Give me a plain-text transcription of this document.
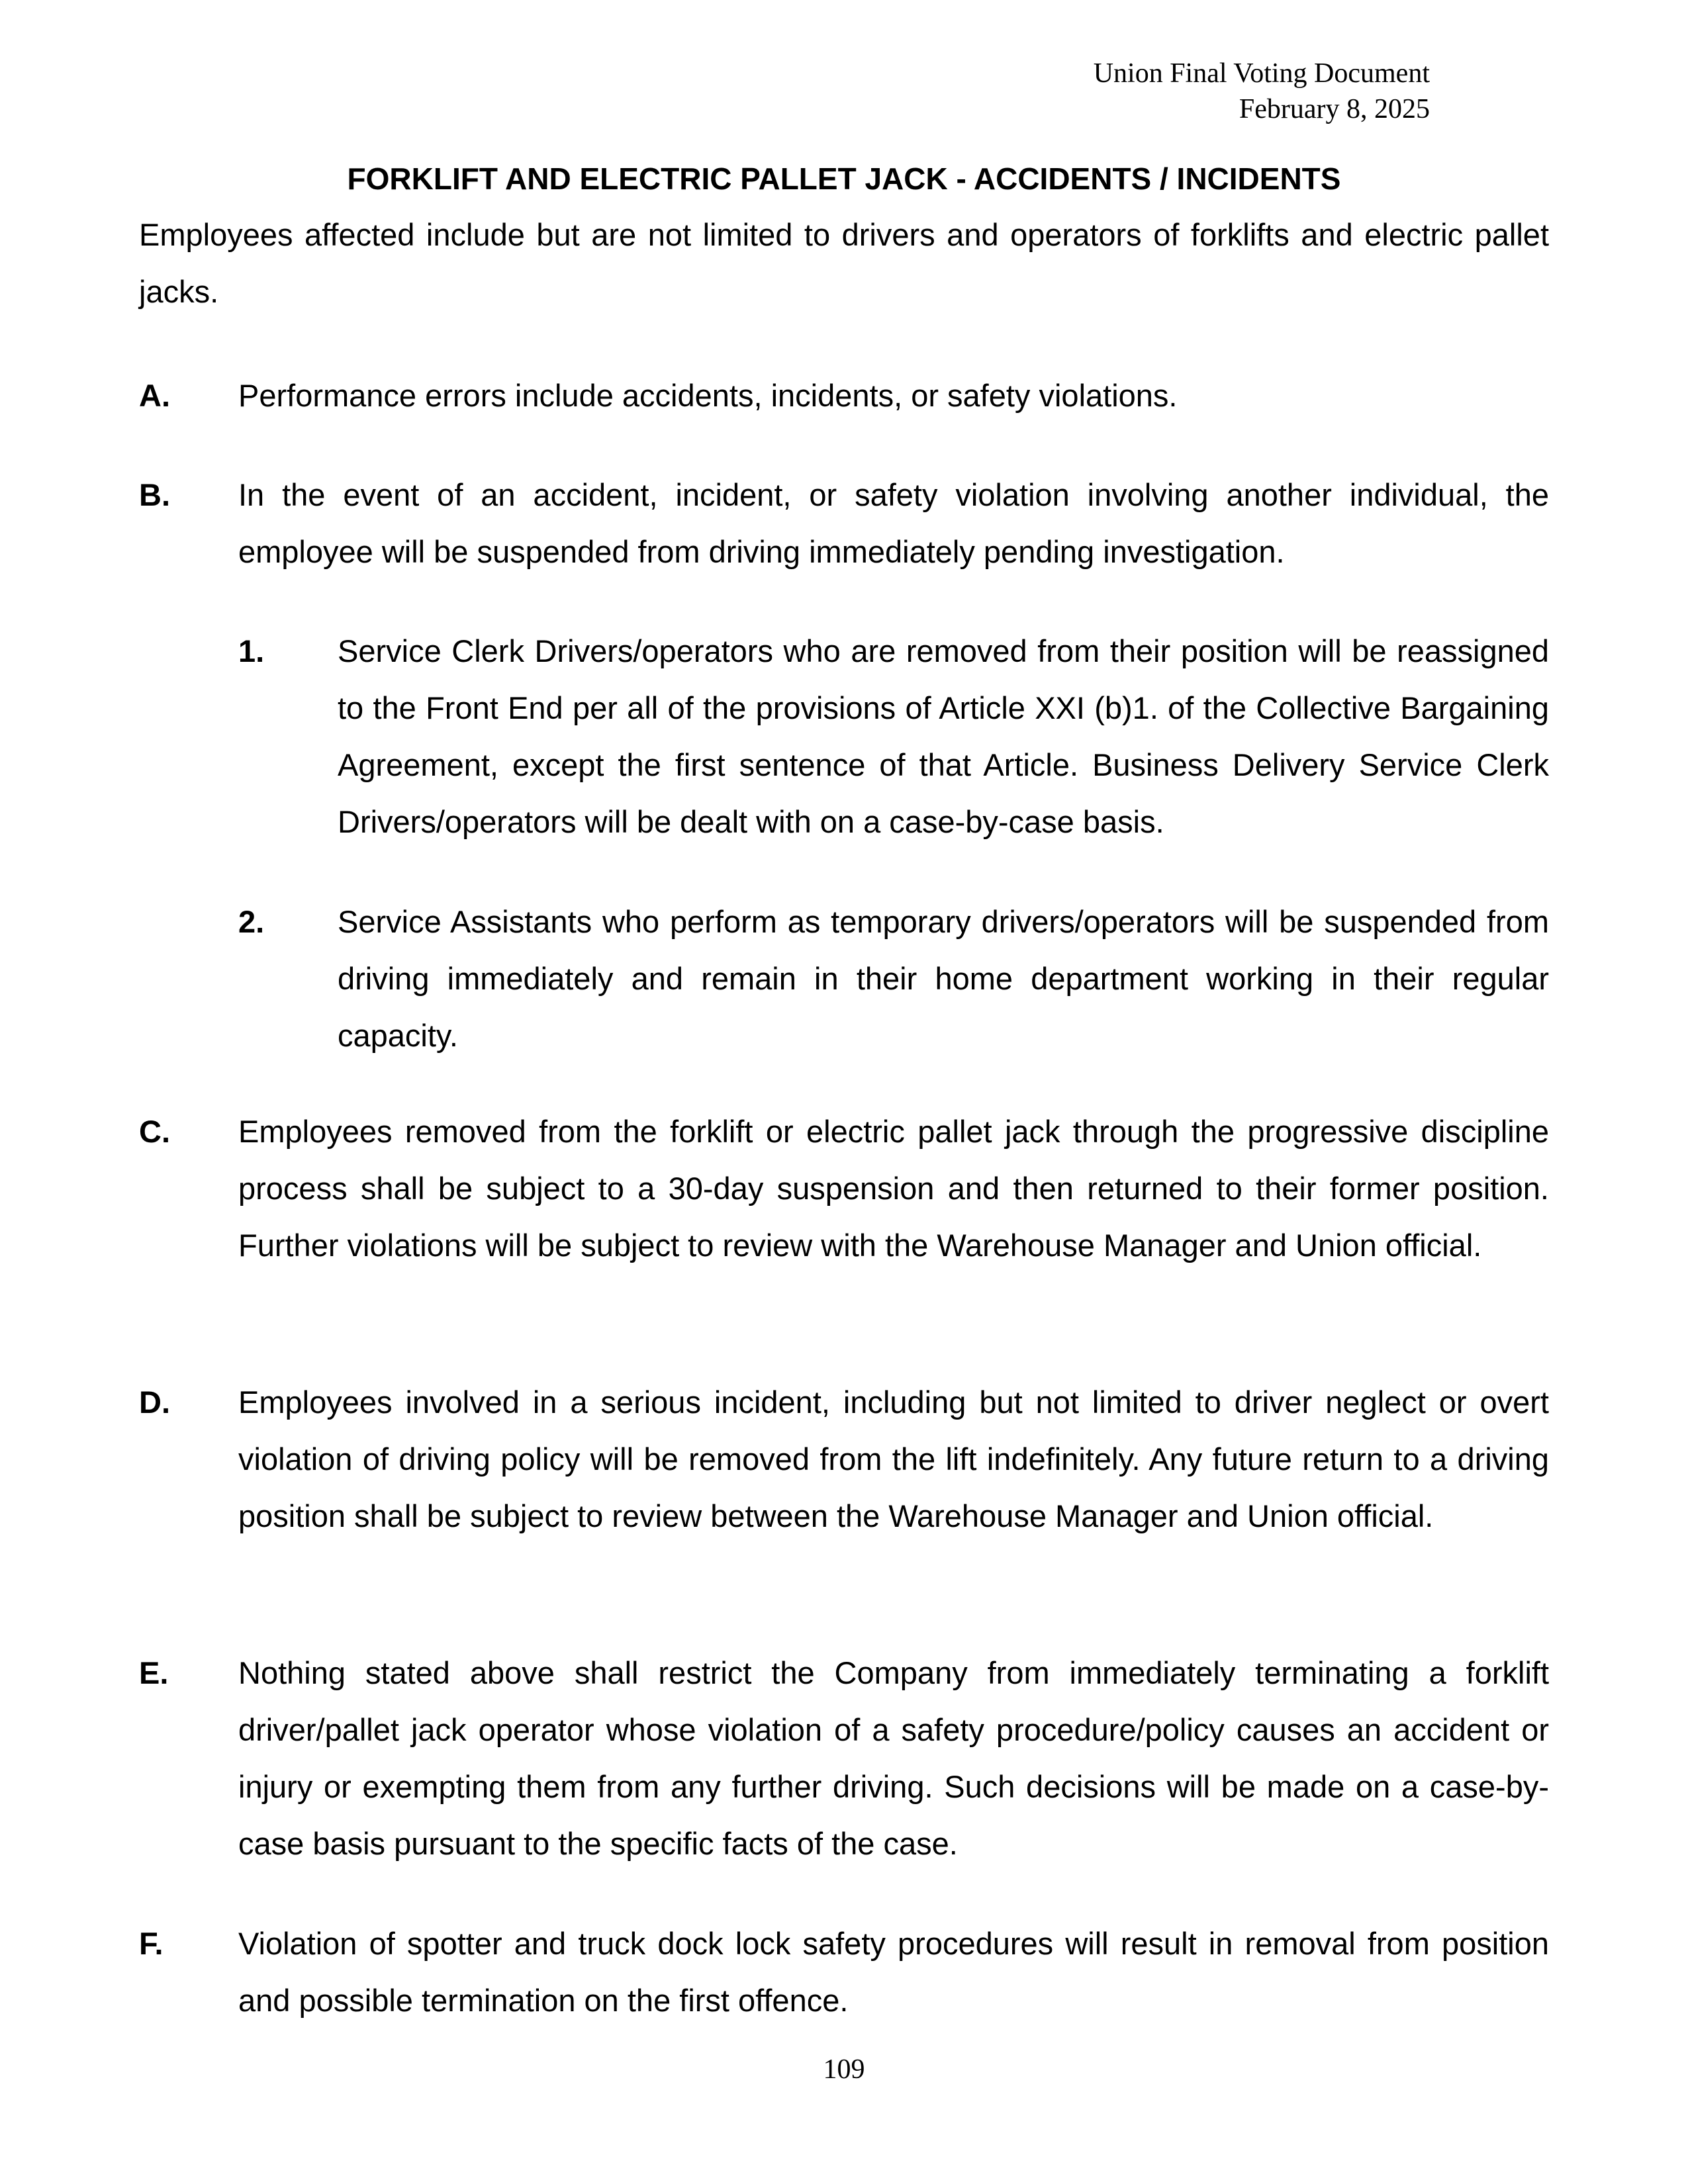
Union Final Voting Document
February 8, 2025
FORKLIFT AND ELECTRIC PALLET JACK - ACCIDENTS / INCIDENTS
Employees affected include but are not limited to drivers and operators of forklifts and electric pallet jacks.
A. Performance errors include accidents, incidents, or safety violations.
B. In the event of an accident, incident, or safety violation involving another individual, the employee will be suspended from driving immediately pending investigation.
1. Service Clerk Drivers/operators who are removed from their position will be reassigned to the Front End per all of the provisions of Article XXI (b)1. of the Collective Bargaining Agreement, except the first sentence of that Article. Business Delivery Service Clerk Drivers/operators will be dealt with on a case-by-case basis.
2. Service Assistants who perform as temporary drivers/operators will be suspended from driving immediately and remain in their home department working in their regular capacity.
C. Employees removed from the forklift or electric pallet jack through the progressive discipline process shall be subject to a 30-day suspension and then returned to their former position. Further violations will be subject to review with the Warehouse Manager and Union official.
D. Employees involved in a serious incident, including but not limited to driver neglect or overt violation of driving policy will be removed from the lift indefinitely. Any future return to a driving position shall be subject to review between the Warehouse Manager and Union official.
E. Nothing stated above shall restrict the Company from immediately terminating a forklift driver/pallet jack operator whose violation of a safety procedure/policy causes an accident or injury or exempting them from any further driving. Such decisions will be made on a case-by-case basis pursuant to the specific facts of the case.
F. Violation of spotter and truck dock lock safety procedures will result in removal from position and possible termination on the first offence.
109
